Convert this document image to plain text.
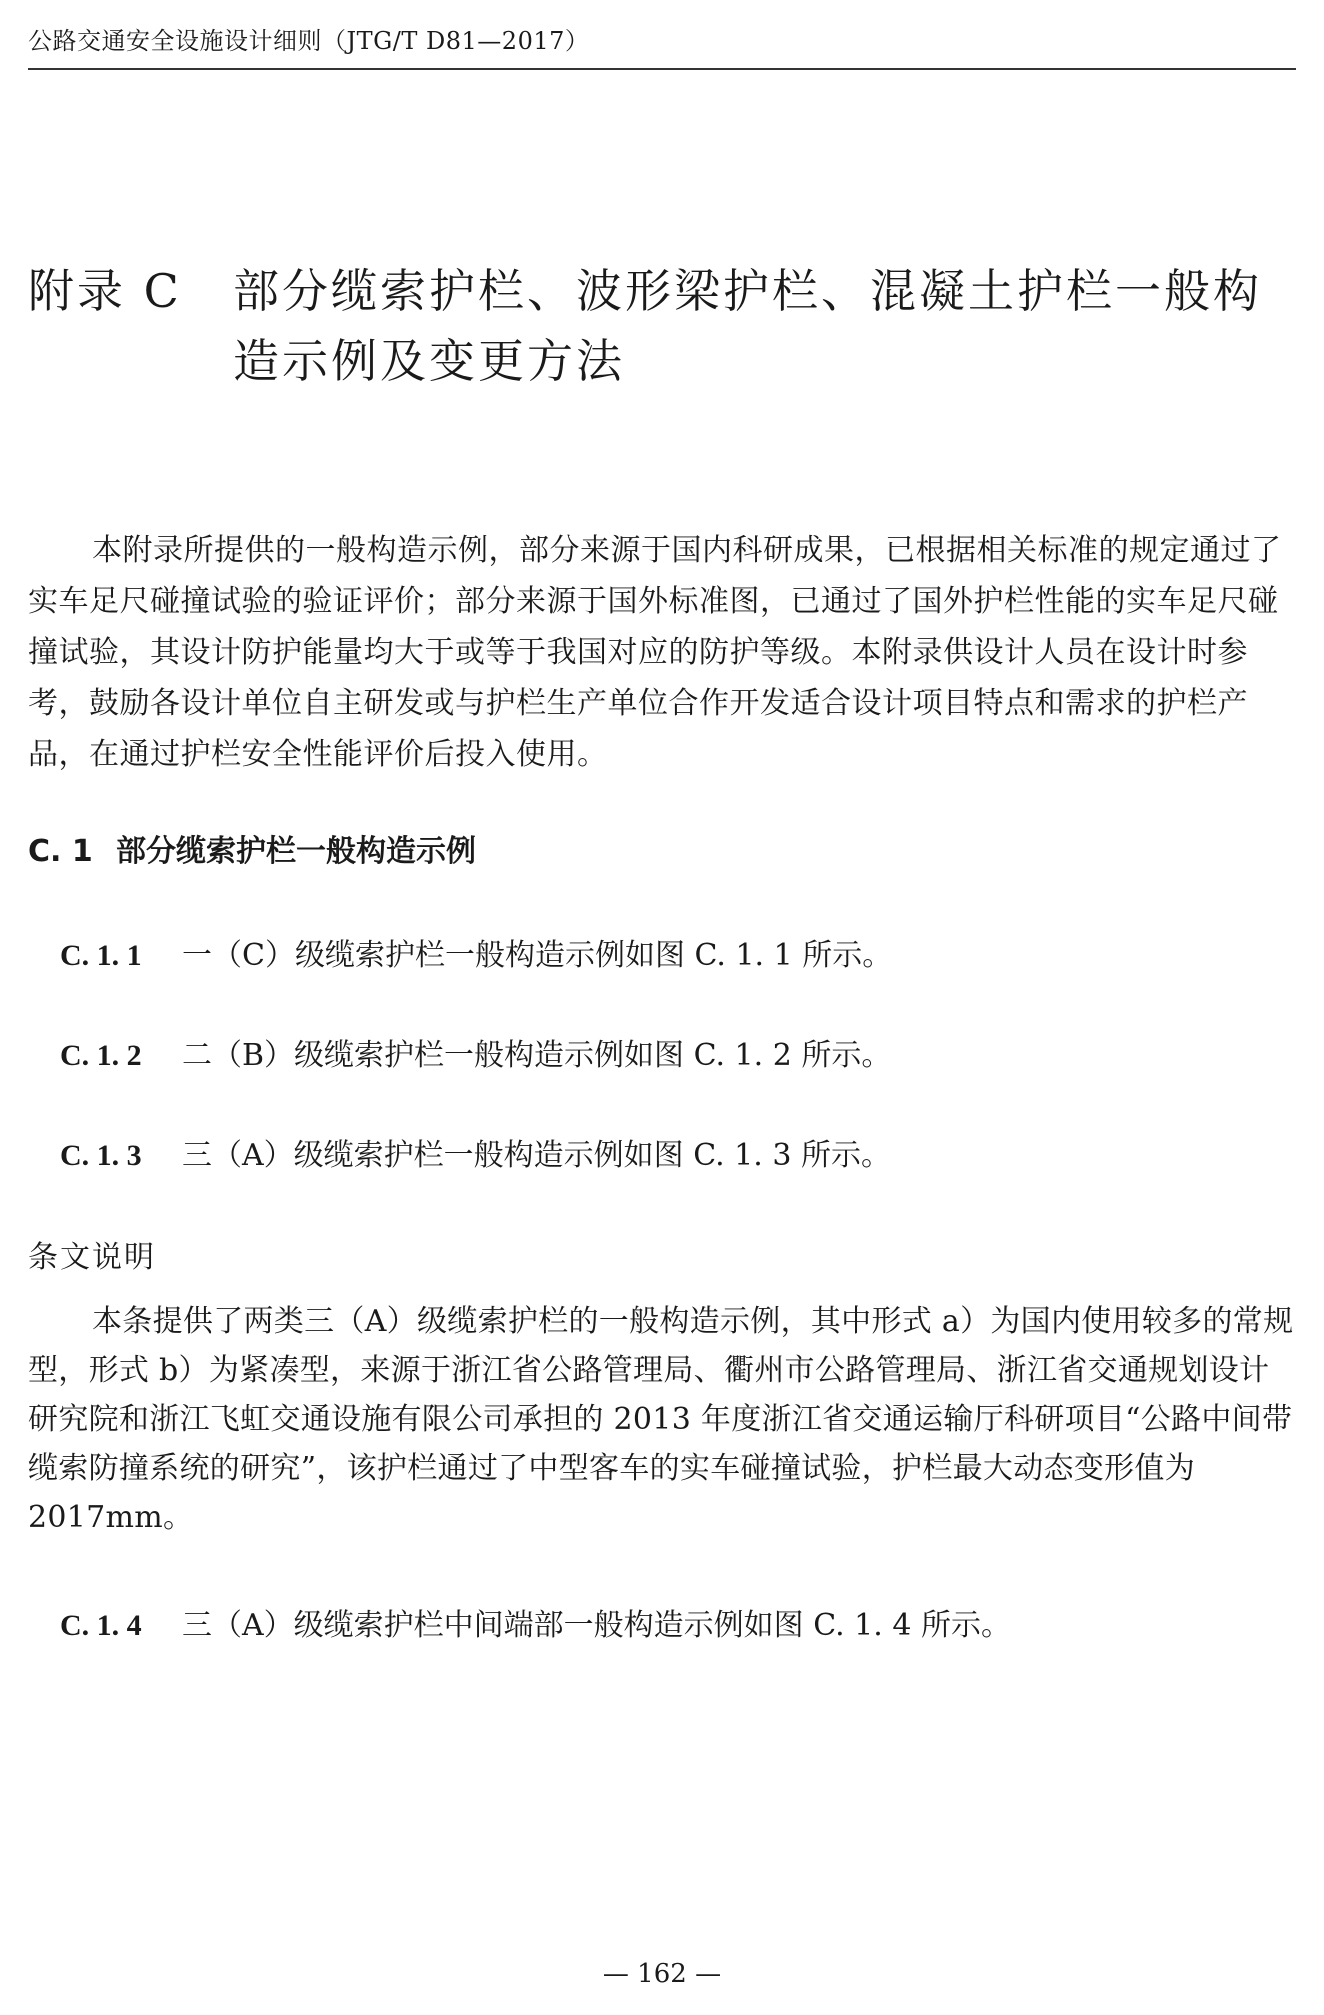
公路交通安全设施设计细则（JTG/T D81—2017）
附录 C 部分缆索护栏、波形梁护栏、混凝土护栏一般构造示例及变更方法
本附录所提供的一般构造示例，部分来源于国内科研成果，已根据相关标准的规定通过了实车足尺碰撞试验的验证评价；部分来源于国外标准图，已通过了国外护栏性能的实车足尺碰撞试验，其设计防护能量均大于或等于我国对应的防护等级。本附录供设计人员在设计时参考，鼓励各设计单位自主研发或与护栏生产单位合作开发适合设计项目特点和需求的护栏产品，在通过护栏安全性能评价后投入使用。
C. 1 部分缆索护栏一般构造示例
C. 1. 1 一（C）级缆索护栏一般构造示例如图 C. 1. 1 所示。
C. 1. 2 二（B）级缆索护栏一般构造示例如图 C. 1. 2 所示。
C. 1. 3 三（A）级缆索护栏一般构造示例如图 C. 1. 3 所示。
条文说明
本条提供了两类三（A）级缆索护栏的一般构造示例，其中形式 a）为国内使用较多的常规型，形式 b）为紧凑型，来源于浙江省公路管理局、衢州市公路管理局、浙江省交通规划设计研究院和浙江飞虹交通设施有限公司承担的 2013 年度浙江省交通运输厅科研项目“公路中间带缆索防撞系统的研究”，该护栏通过了中型客车的实车碰撞试验，护栏最大动态变形值为 2017mm。
C. 1. 4 三（A）级缆索护栏中间端部一般构造示例如图 C. 1. 4 所示。
— 162 —
